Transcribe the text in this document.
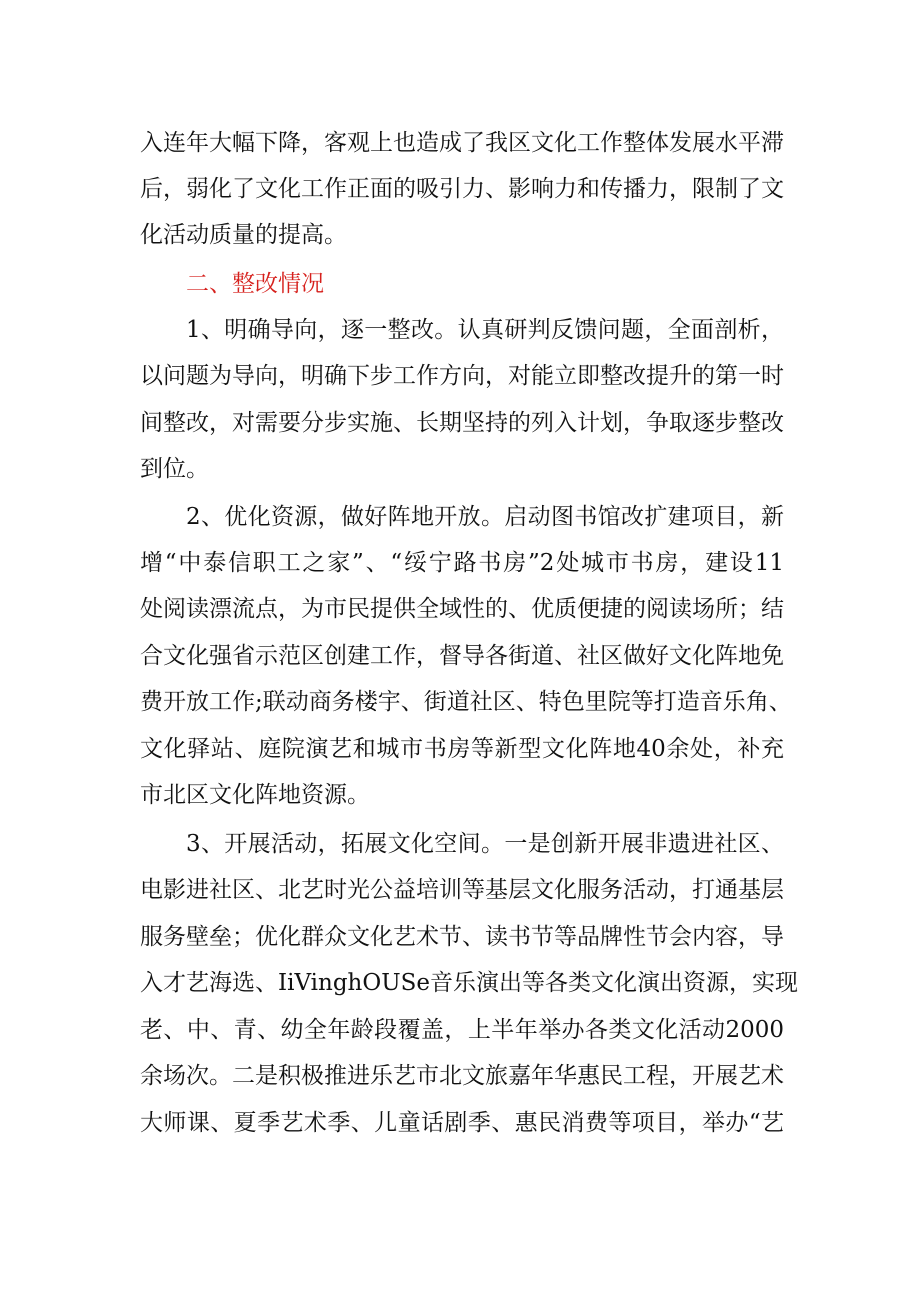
入连年大幅下降，客观上也造成了我区文化工作整体发展水平滞
后，弱化了文化工作正面的吸引力、影响力和传播力，限制了文
化活动质量的提高。
二、整改情况
1、明确导向，逐一整改。认真研判反馈问题，全面剖析，
以问题为导向，明确下步工作方向，对能立即整改提升的第一时
间整改，对需要分步实施、长期坚持的列入计划，争取逐步整改
到位。
2、优化资源，做好阵地开放。启动图书馆改扩建项目，新
增“中泰信职工之家”、“绥宁路书房”2处城市书房，建设11
处阅读漂流点，为市民提供全域性的、优质便捷的阅读场所；结
合文化强省示范区创建工作，督导各街道、社区做好文化阵地免
费开放工作;联动商务楼宇、街道社区、特色里院等打造音乐角、
文化驿站、庭院演艺和城市书房等新型文化阵地40余处，补充
市北区文化阵地资源。
3、开展活动，拓展文化空间。一是创新开展非遗进社区、
电影进社区、北艺时光公益培训等基层文化服务活动，打通基层
服务壁垒；优化群众文化艺术节、读书节等品牌性节会内容，导
入才艺海选、IiVinghOUSe音乐演出等各类文化演出资源，实现
老、中、青、幼全年龄段覆盖，上半年举办各类文化活动2000
余场次。二是积极推进乐艺市北文旅嘉年华惠民工程，开展艺术
大师课、夏季艺术季、儿童话剧季、惠民消费等项目，举办“艺
